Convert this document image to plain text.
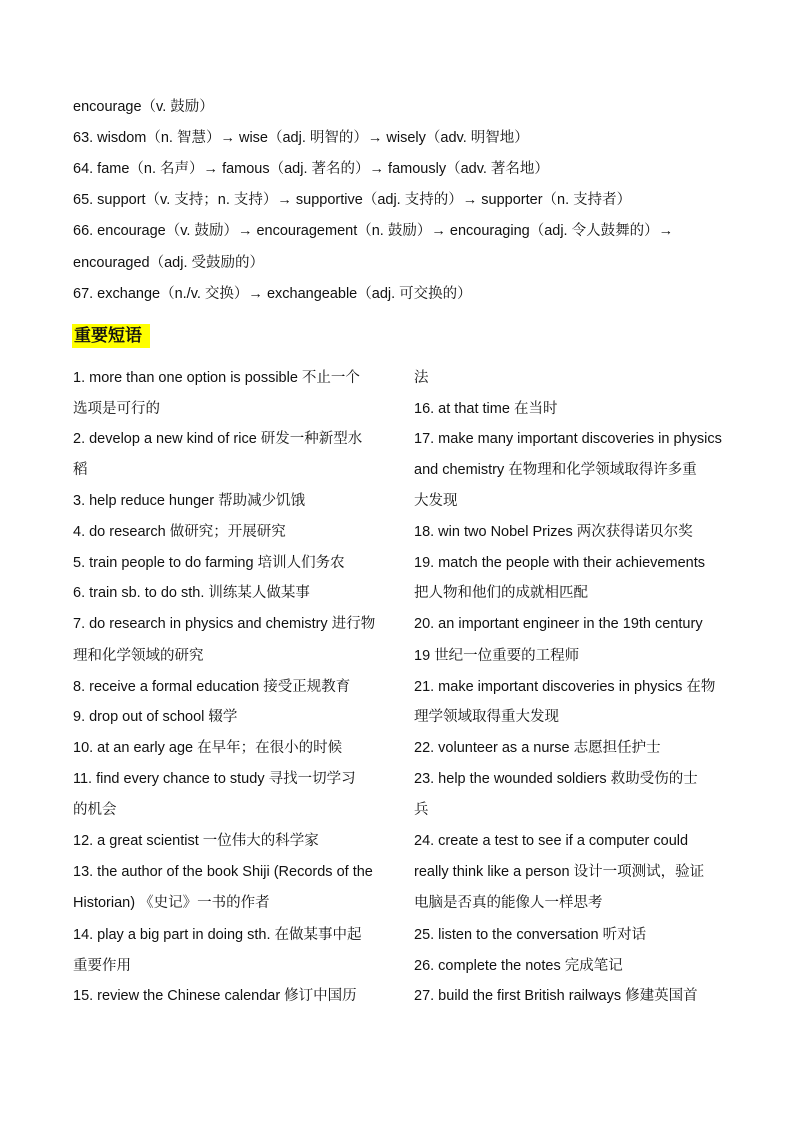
encourage（v. 鼓励）
63. wisdom（n. 智慧）→ wise（adj. 明智的）→ wisely（adv. 明智地）
64. fame（n. 名声）→ famous（adj. 著名的）→ famously（adv. 著名地）
65. support（v. 支持；n. 支持）→ supportive（adj. 支持的）→ supporter（n. 支持者）
66. encourage（v. 鼓励）→ encouragement（n. 鼓励）→ encouraging（adj. 令人鼓舞的）→
encouraged（adj. 受鼓励的）
67. exchange（n./v. 交换）→ exchangeable（adj. 可交换的）
重要短语
1. more than one option is possible 不止一个
选项是可行的
2. develop a new kind of rice 研发一种新型水
稻
3. help reduce hunger 帮助减少饥饿
4. do research 做研究；开展研究
5. train people to do farming 培训人们务农
6. train sb. to do sth. 训练某人做某事
7. do research in physics and chemistry 进行物
理和化学领域的研究
8. receive a formal education 接受正规教育
9. drop out of school 辍学
10. at an early age 在早年；在很小的时候
11. find every chance to study 寻找一切学习
的机会
12. a great scientist 一位伟大的科学家
13. the author of the book Shiji (Records of the
Historian) 《史记》一书的作者
14. play a big part in doing sth. 在做某事中起
重要作用
15. review the Chinese calendar 修订中国历
法
16. at that time 在当时
17. make many important discoveries in physics
and chemistry 在物理和化学领域取得许多重
大发现
18. win two Nobel Prizes 两次获得诺贝尔奖
19. match the people with their achievements
把人物和他们的成就相匹配
20. an important engineer in the 19th century
19 世纪一位重要的工程师
21. make important discoveries in physics 在物
理学领域取得重大发现
22. volunteer as a nurse 志愿担任护士
23. help the wounded soldiers 救助受伤的士
兵
24. create a test to see if a computer could
really think like a person 设计一项测试，验证
电脑是否真的能像人一样思考
25. listen to the conversation 听对话
26. complete the notes 完成笔记
27. build the first British railways 修建英国首
